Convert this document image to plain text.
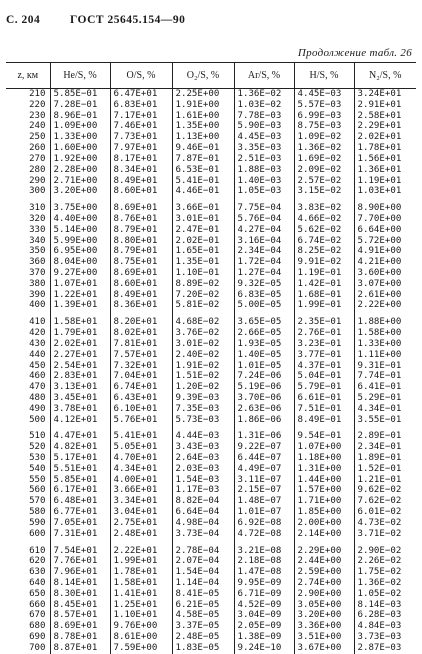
С. 204	ГОСТ 25645.154—90
Продолжение табл. 26
z, км	He/S, %	O/S, %	O₂/S, %	Ar/S, %	H/S, %	N₂/S, %
210	5.85E−01	6.47E+01	2.25E+00	1.36E−02	4.45E−03	3.24E+01
220	7.28E−01	6.83E+01	1.91E+00	1.03E−02	5.57E−03	2.91E+01
230	8.96E−01	7.17E+01	1.61E+00	7.78E−03	6.99E−03	2.58E+01
240	1.09E+00	7.46E+01	1.35E+00	5.90E−03	8.75E−03	2.29E+01
250	1.33E+00	7.73E+01	1.13E+00	4.45E−03	1.09E−02	2.02E+01
260	1.60E+00	7.97E+01	9.46E−01	3.35E−03	1.36E−02	1.78E+01
270	1.92E+00	8.17E+01	7.87E−01	2.51E−03	1.69E−02	1.56E+01
280	2.28E+00	8.34E+01	6.53E−01	1.88E−03	2.09E−02	1.36E+01
290	2.71E+00	8.49E+01	5.41E−01	1.40E−03	2.57E−02	1.19E+01
300	3.20E+00	8.60E+01	4.46E−01	1.05E−03	3.15E−02	1.03E+01
310	3.75E+00	8.69E+01	3.66E−01	7.75E−04	3.83E−02	8.90E+00
320	4.40E+00	8.76E+01	3.01E−01	5.76E−04	4.66E−02	7.70E+00
330	5.14E+00	8.79E+01	2.47E−01	4.27E−04	5.62E−02	6.64E+00
340	5.99E+00	8.80E+01	2.02E−01	3.16E−04	6.74E−02	5.72E+00
350	6.95E+00	8.79E+01	1.65E−01	2.34E−04	8.25E−02	4.91E+00
360	8.04E+00	8.75E+01	1.35E−01	1.72E−04	9.91E−02	4.21E+00
370	9.27E+00	8.69E+01	1.10E−01	1.27E−04	1.19E−01	3.60E+00
380	1.07E+01	8.60E+01	8.89E−02	9.32E−05	1.42E−01	3.07E+00
390	1.22E+01	8.49E+01	7.20E−02	6.83E−05	1.68E−01	2.61E+00
400	1.39E+01	8.36E+01	5.81E−02	5.00E−05	1.99E−01	2.22E+00
410	1.58E+01	8.20E+01	4.68E−02	3.65E−05	2.35E−01	1.88E+00
420	1.79E+01	8.02E+01	3.76E−02	2.66E−05	2.76E−01	1.58E+00
430	2.02E+01	7.81E+01	3.01E−02	1.93E−05	3.23E−01	1.33E+00
440	2.27E+01	7.57E+01	2.40E−02	1.40E−05	3.77E−01	1.11E+00
450	2.54E+01	7.32E+01	1.91E−02	1.01E−05	4.37E−01	9.31E−01
460	2.83E+01	7.04E+01	1.51E−02	7.24E−06	5.04E−01	7.74E−01
470	3.13E+01	6.74E+01	1.20E−02	5.19E−06	5.79E−01	6.41E−01
480	3.45E+01	6.43E+01	9.39E−03	3.70E−06	6.61E−01	5.29E−01
490	3.78E+01	6.10E+01	7.35E−03	2.63E−06	7.51E−01	4.34E−01
500	4.12E+01	5.76E+01	5.73E−03	1.86E−06	8.49E−01	3.55E−01
510	4.47E+01	5.41E+01	4.44E−03	1.31E−06	9.54E−01	2.89E−01
520	4.82E+01	5.05E+01	3.43E−03	9.22E−07	1.07E+00	2.34E−01
530	5.17E+01	4.70E+01	2.64E−03	6.44E−07	1.18E+00	1.89E−01
540	5.51E+01	4.34E+01	2.03E−03	4.49E−07	1.31E+00	1.52E−01
550	5.85E+01	4.00E+01	1.54E−03	3.11E−07	1.44E+00	1.21E−01
560	6.17E+01	3.66E+01	1.17E−03	2.15E−07	1.57E+00	9.62E−02
570	6.48E+01	3.34E+01	8.82E−04	1.48E−07	1.71E+00	7.62E−02
580	6.77E+01	3.04E+01	6.64E−04	1.01E−07	1.85E+00	6.01E−02
590	7.05E+01	2.75E+01	4.98E−04	6.92E−08	2.00E+00	4.73E−02
600	7.31E+01	2.48E+01	3.73E−04	4.72E−08	2.14E+00	3.71E−02
610	7.54E+01	2.22E+01	2.78E−04	3.21E−08	2.29E+00	2.90E−02
620	7.76E+01	1.99E+01	2.07E−04	2.18E−08	2.44E+00	2.26E−02
630	7.96E+01	1.78E+01	1.54E−04	1.47E−08	2.59E+00	1.75E−02
640	8.14E+01	1.58E+01	1.14E−04	9.95E−09	2.74E+00	1.36E−02
650	8.30E+01	1.41E+01	8.41E−05	6.71E−09	2.90E+00	1.05E−02
660	8.45E+01	1.25E+01	6.21E−05	4.52E−09	3.05E+00	8.14E−03
670	8.57E+01	1.10E+01	4.58E−05	3.04E−09	3.20E+00	6.28E−03
680	8.69E+01	9.76E+00	3.37E−05	2.05E−09	3.36E+00	4.84E−03
690	8.78E+01	8.61E+00	2.48E−05	1.38E−09	3.51E+00	3.73E−03
700	8.87E+01	7.59E+00	1.83E−05	9.24E−10	3.67E+00	2.87E−03
